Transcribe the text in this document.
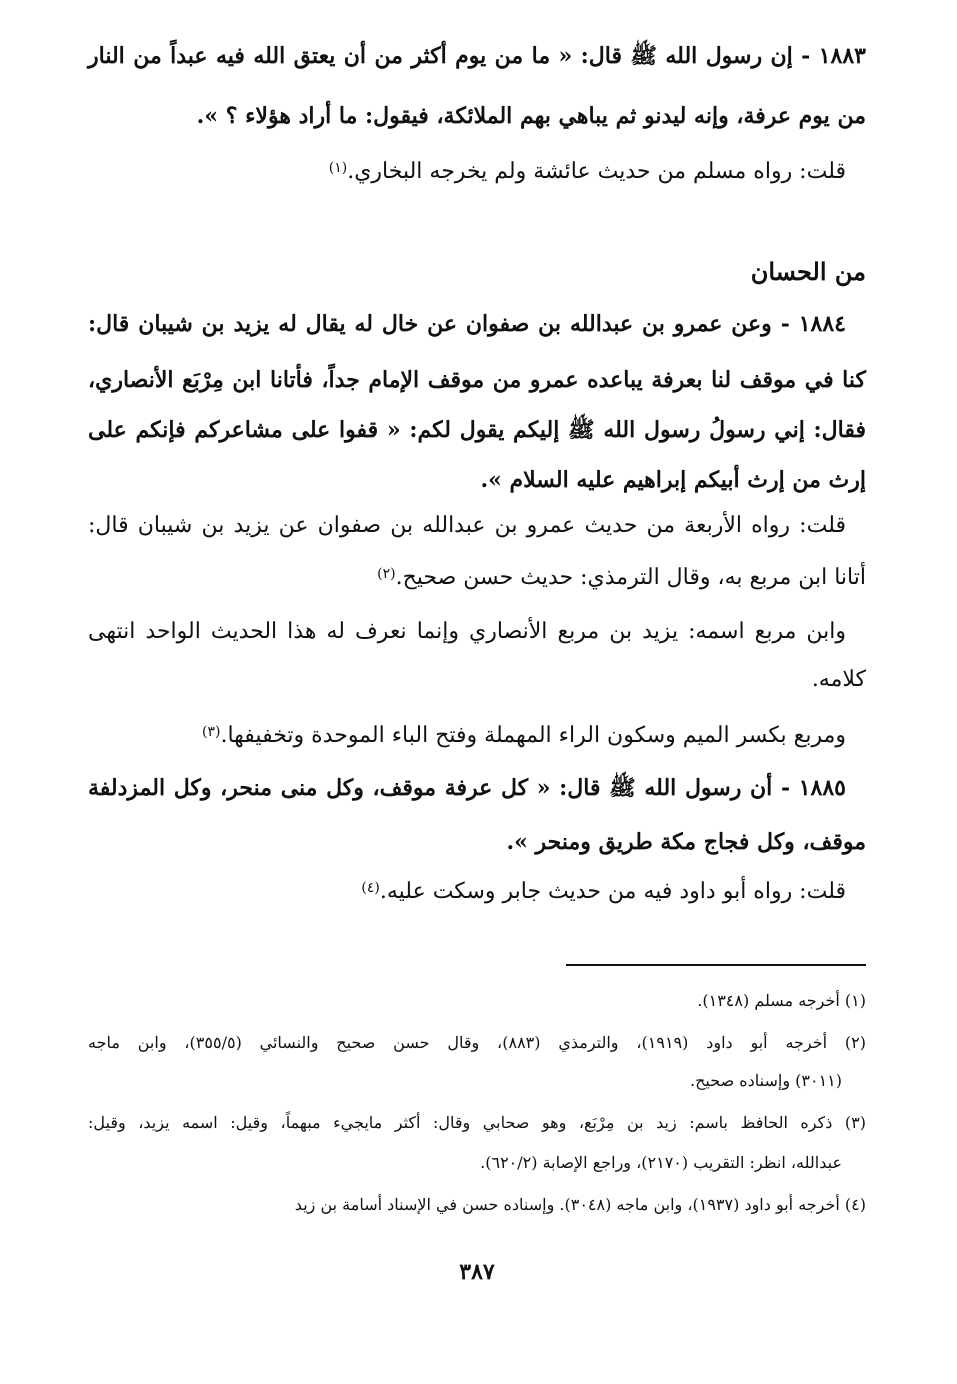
١٨٨٣ - إن رسول الله ﷺ قال: « ما من يوم أكثر من أن يعتق الله فيه عبداً من النار
من يوم عرفة، وإنه ليدنو ثم يباهي بهم الملائكة، فيقول: ما أراد هؤلاء ؟ ».
قلت: رواه مسلم من حديث عائشة ولم يخرجه البخاري.$^{(١)}$
من الحسان
١٨٨٤ - وعن عمرو بن عبدالله بن صفوان عن خال له يقال له يزيد بن شيبان قال:
كنا في موقف لنا بعرفة يباعده عمرو من موقف الإمام جداً، فأتانا ابن مِرْبَع الأنصاري،
فقال: إني رسولُ رسول الله ﷺ إليكم يقول لكم: « قفوا على مشاعركم فإنكم على
إرث من إرث أبيكم إبراهيم عليه السلام ».
قلت: رواه الأربعة من حديث عمرو بن عبدالله بن صفوان عن يزيد بن شيبان قال:
أتانا ابن مربع به، وقال الترمذي: حديث حسن صحيح.$^{(٢)}$
وابن مربع اسمه: يزيد بن مربع الأنصاري وإنما نعرف له هذا الحديث الواحد انتهى
كلامه.
ومربع بكسر الميم وسكون الراء المهملة وفتح الباء الموحدة وتخفيفها.$^{(٣)}$
١٨٨٥ - أن رسول الله ﷺ قال: « كل عرفة موقف، وكل منى منحر، وكل المزدلفة
موقف، وكل فجاج مكة طريق ومنحر ».
قلت: رواه أبو داود فيه من حديث جابر وسكت عليه.$^{(٤)}$
(١) أخرجه مسلم (١٣٤٨).
(٢) أخرجه أبو داود (١٩١٩)، والترمذي (٨٨٣)، وقال حسن صحيح والنسائي (٣٥٥/٥)، وابن ماجه
(٣٠١١) وإسناده صحيح.
(٣) ذكره الحافظ باسم: زيد بن مِرْبَع، وهو صحابي وقال: أكثر مايجيء مبهماً، وقيل: اسمه يزيد، وقيل:
عبدالله، انظر: التقريب (٢١٧٠)، وراجع الإصابة (٦٢٠/٢).
(٤) أخرجه أبو داود (١٩٣٧)، وابن ماجه (٣٠٤٨). وإسناده حسن في الإسناد أسامة بن زيد
٣٨٧
